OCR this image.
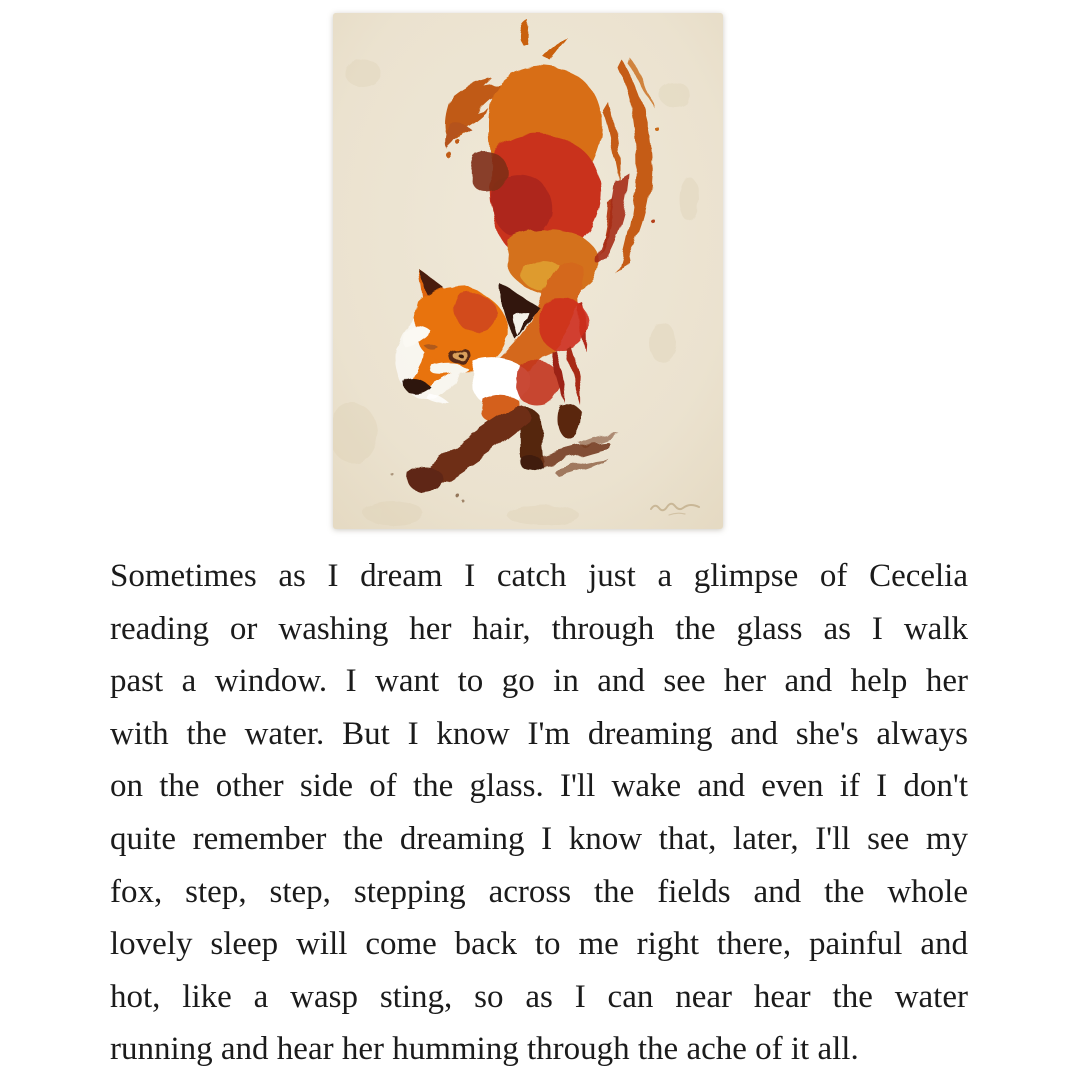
Sometimes as I dream I catch just a glimpse of Cecelia
reading or washing her hair, through the glass as I walk
past a window. I want to go in and see her and help her
with the water. But I know I'm dreaming and she's always
on the other side of the glass. I'll wake and even if I don't
quite remember the dreaming I know that, later, I'll see my
fox, step, step, stepping across the fields and the whole
lovely sleep will come back to me right there, painful and
hot, like a wasp sting, so as I can near hear the water
running and hear her humming through the ache of it all.
